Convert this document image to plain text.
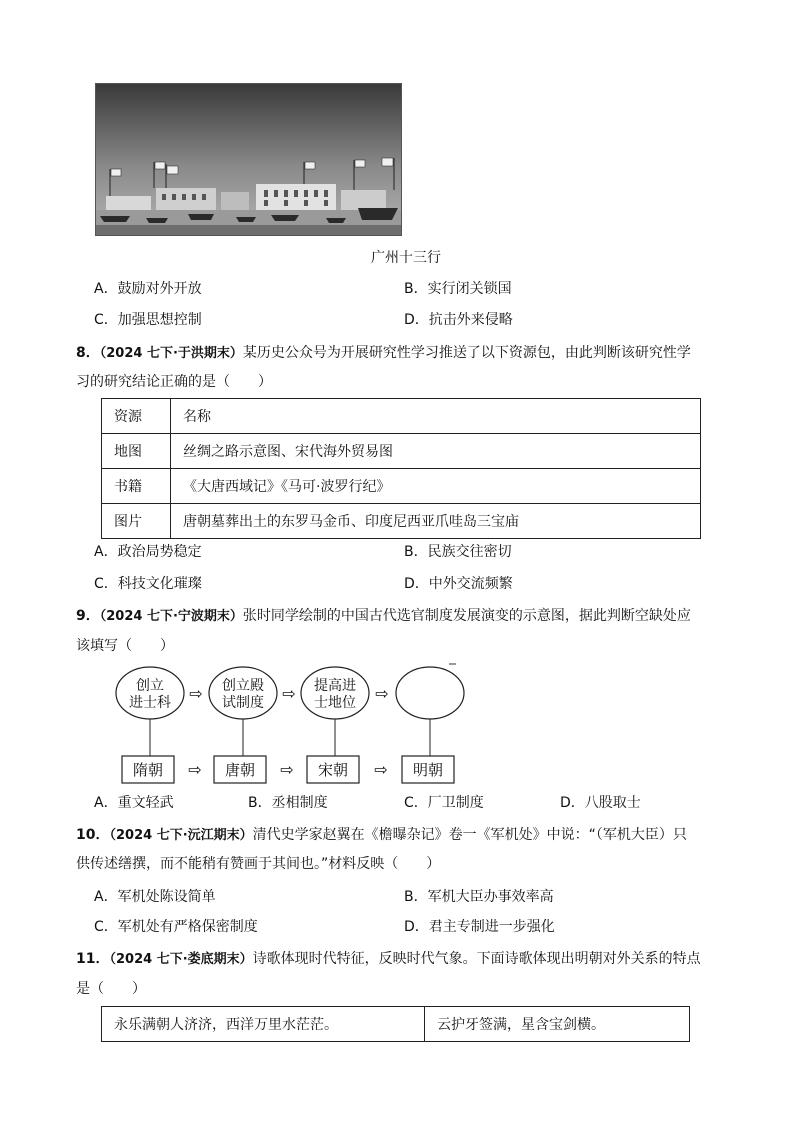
广州十三行
A．鼓励对外开放	B．实行闭关锁国
C．加强思想控制	D．抗击外来侵略
8．（2024 七下·于洪期末）某历史公众号为开展研究性学习推送了以下资源包，由此判断该研究性学
习的研究结论正确的是（　　）
资源	名称
地图	丝绸之路示意图、宋代海外贸易图
书籍	《大唐西域记》《马可·波罗行纪》
图片	唐朝墓葬出土的东罗马金币、印度尼西亚爪哇岛三宝庙
A．政治局势稳定	B．民族交往密切
C．科技文化璀璨	D．中外交流频繁
9．（2024 七下·宁波期末）张时同学绘制的中国古代选官制度发展演变的示意图，据此判断空缺处应
该填写（　　）
创立
进士科
创立殿
试制度
提高进
士地位
⇨	⇨	⇨
隋朝	唐朝	宋朝	明朝
⇨	⇨	⇨
A．重文轻武	B．丞相制度	C．厂卫制度	D．八股取士
10．（2024 七下·沅江期末）清代史学家赵翼在《檐曝杂记》卷一《军机处》中说：“（军机大臣）只
供传述缮撰，而不能稍有赞画于其间也。”材料反映（　　）
A．军机处陈设简单	B．军机大臣办事效率高
C．军机处有严格保密制度	D．君主专制进一步强化
11．（2024 七下·娄底期末）诗歌体现时代特征，反映时代气象。下面诗歌体现出明朝对外关系的特点
是（　　）
永乐满朝人济济，西洋万里水茫茫。	云护牙签满，星含宝剑横。
